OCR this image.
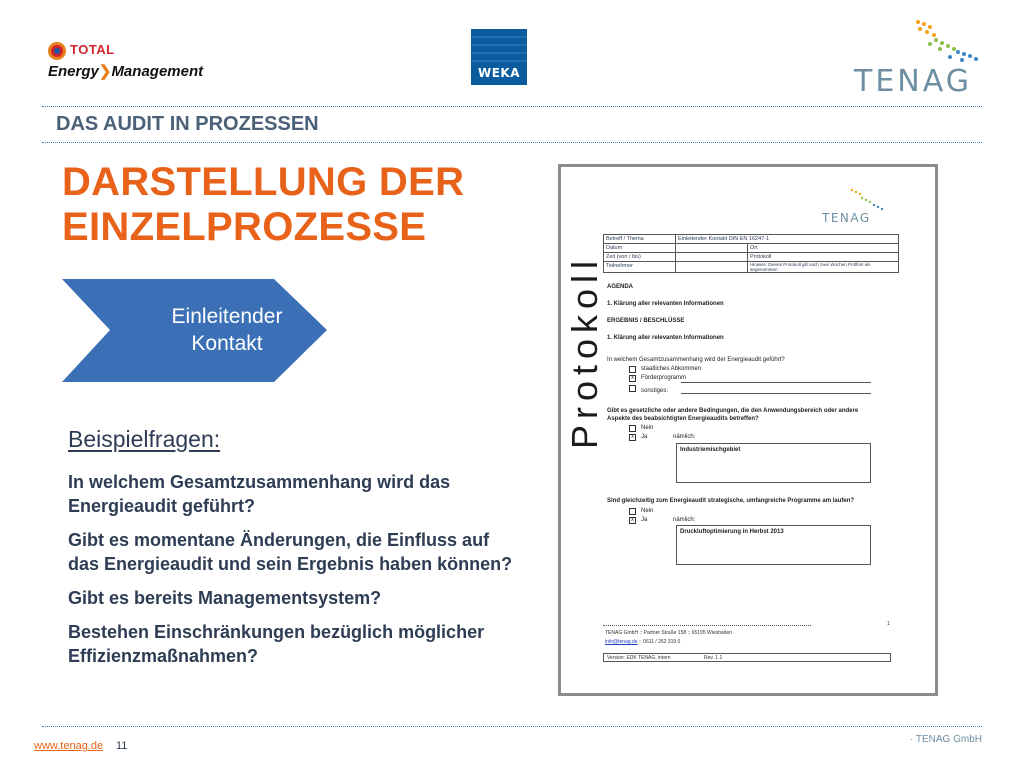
TOTAL
Energy❯Management	WEKA	TENAG
DAS AUDIT IN PROZESSEN
DARSTELLUNG DER
EINZELPROZESSE
Einleitender
Kontakt
Beispielfragen:
In welchem Gesamtzusammenhang wird das Energieaudit geführt?
Gibt es momentane Änderungen, die Einfluss auf das Energieaudit und sein Ergebnis haben können?
Gibt es bereits Managementsystem?
Bestehen Einschränkungen bezüglich möglicher Effizienzmaßnahmen?
Protokoll
TENAG
Betreff / Thema	Einleitender Kontakt DIN EN 16247-1	
Datum		Ort
Zeit (von / bis)		Protokoll
Teilnehmer		Hinweis: Dieses Protokoll gilt nach zwei Wochen Prüffrist als angenommen
AGENDA
1. Klärung aller relevanten Informationen
ERGEBNIS / BESCHLÜSSE
1. Klärung aller relevanten Informationen
In welchem Gesamtzusammenhang wird der Energieaudit geführt?
staatliches Abkommen
x	Förderprogramm
sonstiges:
Gibt es gesetzliche oder andere Bedingungen, die den Anwendungsbereich oder andere
Aspekte des beabsichtigten Energieaudits betreffen?
Nein
x	Ja	nämlich:
Industriemischgebiet
Sind gleichzeitig zum Energieaudit strategische, umfangreiche Programme am laufen?
Nein
x	Ja	nämlich:
Druckluftoptimierung in Herbst 2013
1
TENAG GmbH :: Partner Straße 158 :: 65195 Wiesbaden
info@tenag.de :: 0611 / 262 319 0
Version: EDK TENAG, intern	Rev. 1.1
www.tenag.de 11
· TENAG GmbH
